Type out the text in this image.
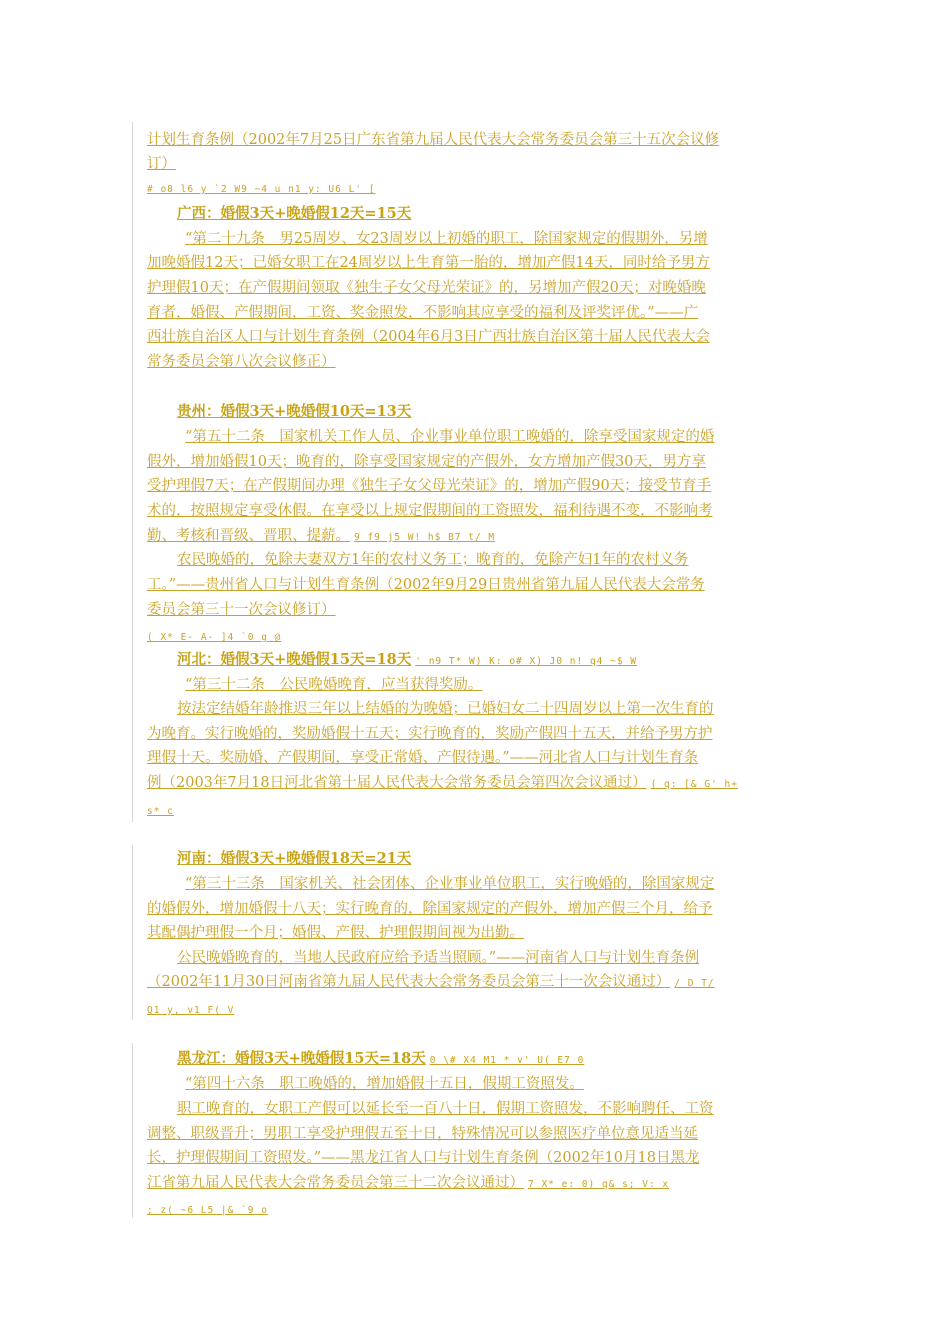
计划生育条例（2002年7月25日广东省第九届人民代表大会常务委员会第三十五次会议修
订）
# o8 l6 y `2 W9 ~4 u n1 y: U6 L' [
广西：婚假3天+晚婚假12天=15天
“第二十九条　男25周岁、女23周岁以上初婚的职工，除国家规定的假期外，另增
加晚婚假12天；已婚女职工在24周岁以上生育第一胎的，增加产假14天，同时给予男方
护理假10天；在产假期间领取《独生子女父母光荣证》的，另增加产假20天；对晚婚晚
育者，婚假、产假期间，工资、奖金照发，不影响其应享受的福利及评奖评优。”——广
西壮族自治区人口与计划生育条例（2004年6月3日广西壮族自治区第十届人民代表大会
常务委员会第八次会议修正）
贵州：婚假3天+晚婚假10天=13天
“第五十二条　国家机关工作人员、企业事业单位职工晚婚的，除享受国家规定的婚
假外，增加婚假10天；晚育的，除享受国家规定的产假外，女方增加产假30天，男方享
受护理假7天；在产假期间办理《独生子女父母光荣证》的，增加产假90天；接受节育手
术的，按照规定享受休假。在享受以上规定假期间的工资照发，福利待遇不变，不影响考
勤、考核和晋级、晋职、提薪。 9 f9 j5 W! h$ B7 t/ M
农民晚婚的，免除夫妻双方1年的农村义务工；晚育的，免除产妇1年的农村义务
工。”——贵州省人口与计划生育条例（2002年9月29日贵州省第九届人民代表大会常务
委员会第三十一次会议修订）
( X* E- A- ]4 `0 g @
河北：婚假3天+晚婚假15天=18天 ' n9 T* W) K: o# X) J0 n! q4 ~$ W
“第三十二条　公民晚婚晚育，应当获得奖励。
按法定结婚年龄推迟三年以上结婚的为晚婚；已婚妇女二十四周岁以上第一次生育的
为晚育。实行晚婚的，奖励婚假十五天；实行晚育的，奖励产假四十五天，并给予男方护
理假十天。奖励婚、产假期间，享受正常婚、产假待遇。”——河北省人口与计划生育条
例（2003年7月18日河北省第十届人民代表大会常务委员会第四次会议通过） ( q: [& G' h+
s* c
河南：婚假3天+晚婚假18天=21天
“第三十三条　国家机关、社会团体、企业事业单位职工，实行晚婚的，除国家规定
的婚假外，增加婚假十八天；实行晚育的，除国家规定的产假外，增加产假三个月，给予
其配偶护理假一个月；婚假、产假、护理假期间视为出勤。
公民晚婚晚育的，当地人民政府应给予适当照顾。”——河南省人口与计划生育条例
（2002年11月30日河南省第九届人民代表大会常务委员会第三十一次会议通过） / D T/
Q1 y, v1 F( V
黑龙江：婚假3天+晚婚假15天=18天 0 \# X4 M1 * v' U( E7 0
“第四十六条　职工晚婚的，增加婚假十五日，假期工资照发。
职工晚育的，女职工产假可以延长至一百八十日，假期工资照发，不影响聘任、工资
调整、职级晋升；男职工享受护理假五至十日，特殊情况可以参照医疗单位意见适当延
长，护理假期间工资照发。”——黑龙江省人口与计划生育条例（2002年10月18日黑龙
江省第九届人民代表大会常务委员会第三十二次会议通过） 7 X* e: 0) q& s; V: x
; z( ~6 L5 |& `9 o
